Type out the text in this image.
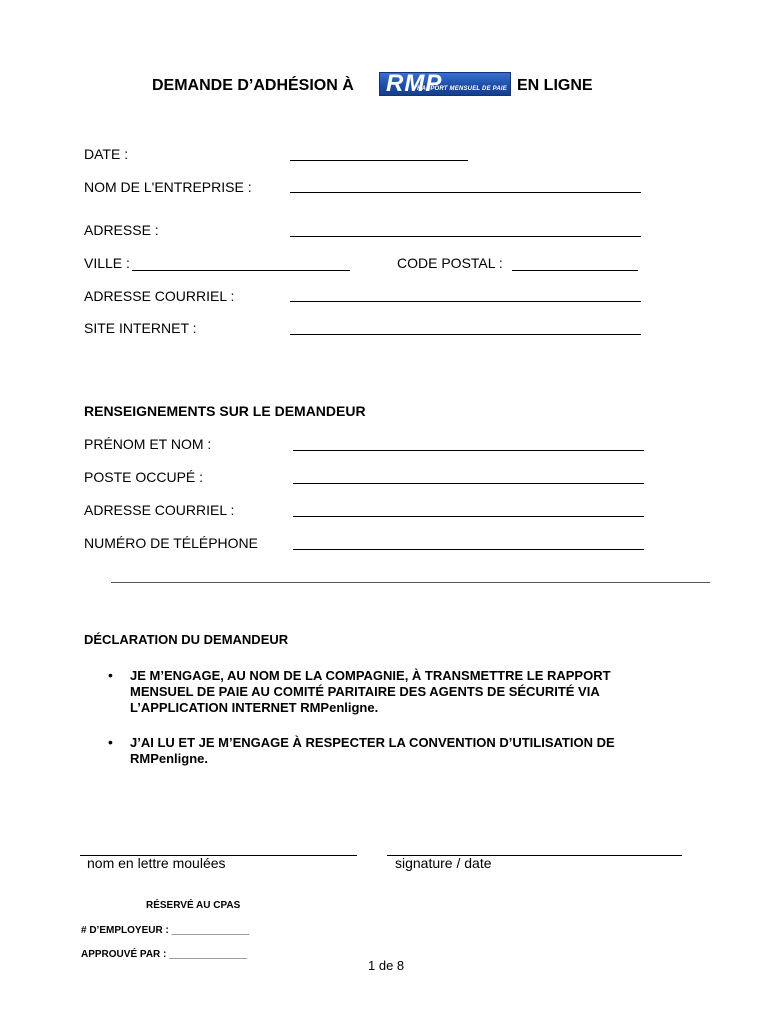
DEMANDE D’ADHÉSION À RMP
RAPPORT MENSUEL DE PAIE EN LIGNE
DATE :
NOM DE L'ENTREPRISE :
ADRESSE :
VILLE :	CODE POSTAL :
ADRESSE COURRIEL :
SITE INTERNET :
RENSEIGNEMENTS SUR LE DEMANDEUR
PRÉNOM ET NOM :
POSTE OCCUPÉ :
ADRESSE COURRIEL :
NUMÉRO DE TÉLÉPHONE
DÉCLARATION DU DEMANDEUR
• JE M’ENGAGE, AU NOM DE LA COMPAGNIE, À TRANSMETTRE LE RAPPORT MENSUEL DE PAIE AU COMITÉ PARITAIRE DES AGENTS DE SÉCURITÉ VIA L’APPLICATION INTERNET RMPenligne.
• J’AI LU ET JE M’ENGAGE À RESPECTER LA CONVENTION D’UTILISATION DE RMPenligne.
nom en lettre moulées	signature / date
RÉSERVÉ AU CPAS
# D’EMPLOYEUR : ______________
APPROUVÉ PAR : ______________
1 de 8
